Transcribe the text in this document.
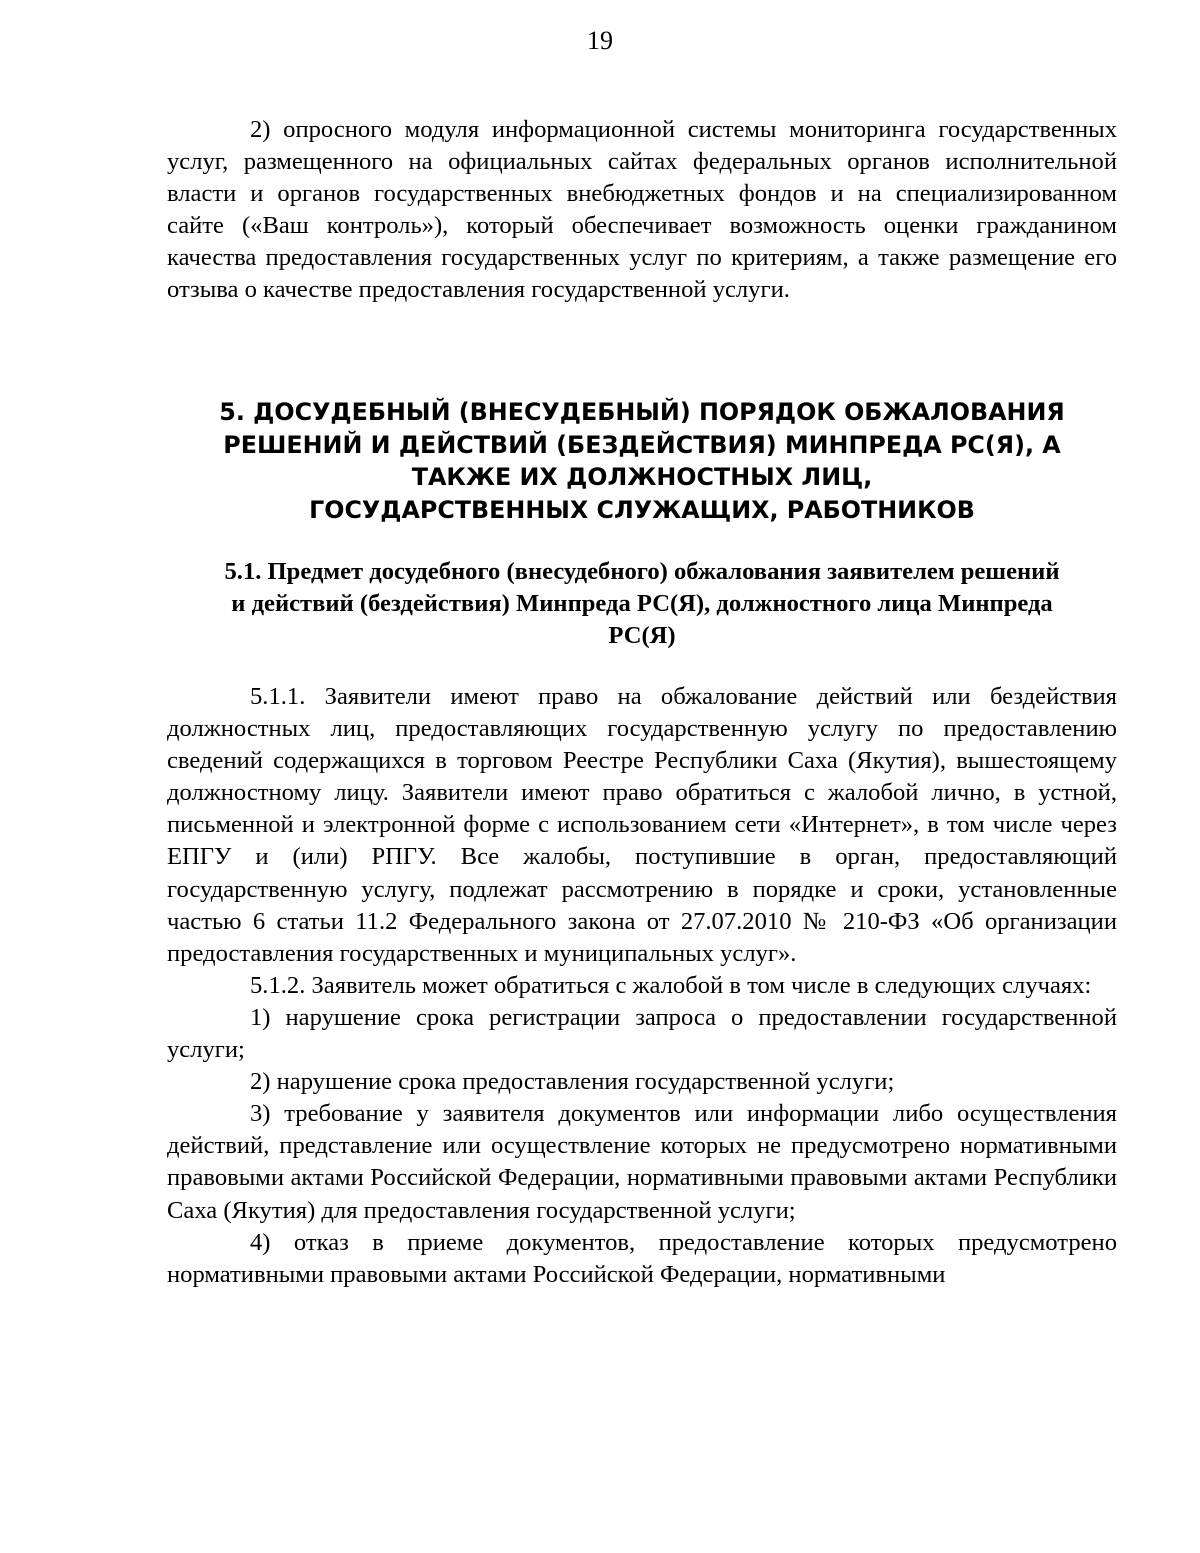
19

2) опросного модуля информационной системы мониторинга государственных услуг, размещенного на официальных сайтах федеральных органов исполнительной власти и органов государственных внебюджетных фондов и на специализированном сайте («Ваш контроль»), который обеспечивает возможность оценки гражданином качества предоставления государственных услуг по критериям, а также размещение его отзыва о качестве предоставления государственной услуги.

5. ДОСУДЕБНЫЙ (ВНЕСУДЕБНЫЙ) ПОРЯДОК ОБЖАЛОВАНИЯ
РЕШЕНИЙ И ДЕЙСТВИЙ (БЕЗДЕЙСТВИЯ) МИНПРЕДА РС(Я), А
ТАКЖЕ ИХ ДОЛЖНОСТНЫХ ЛИЦ,
ГОСУДАРСТВЕННЫХ СЛУЖАЩИХ, РАБОТНИКОВ
5.1. Предмет досудебного (внесудебного) обжалования заявителем решений
и действий (бездействия) Минпреда РС(Я), должностного лица Минпреда
РС(Я)

5.1.1. Заявители имеют право на обжалование действий или бездействия должностных лиц, предоставляющих государственную услугу по предоставлению сведений содержащихся в торговом Реестре Республики Саха (Якутия), вышестоящему должностному лицу. Заявители имеют право обратиться с жалобой лично, в устной, письменной и электронной форме с использованием сети «Интернет», в том числе через ЕПГУ и (или) РПГУ. Все жалобы, поступившие в орган, предоставляющий государственную услугу, подлежат рассмотрению в порядке и сроки, установленные частью 6 статьи 11.2 Федерального закона от 27.07.2010 № 210-ФЗ «Об организации предоставления государственных и муниципальных услуг».

5.1.2. Заявитель может обратиться с жалобой в том числе в следующих случаях:

1) нарушение срока регистрации запроса о предоставлении государственной услуги;

2) нарушение срока предоставления государственной услуги;

3) требование у заявителя документов или информации либо осуществления действий, представление или осуществление которых не предусмотрено нормативными правовыми актами Российской Федерации, нормативными правовыми актами Республики Саха (Якутия) для предоставления государственной услуги;

4) отказ в приеме документов, предоставление которых предусмотрено нормативными правовыми актами Российской Федерации, нормативными
